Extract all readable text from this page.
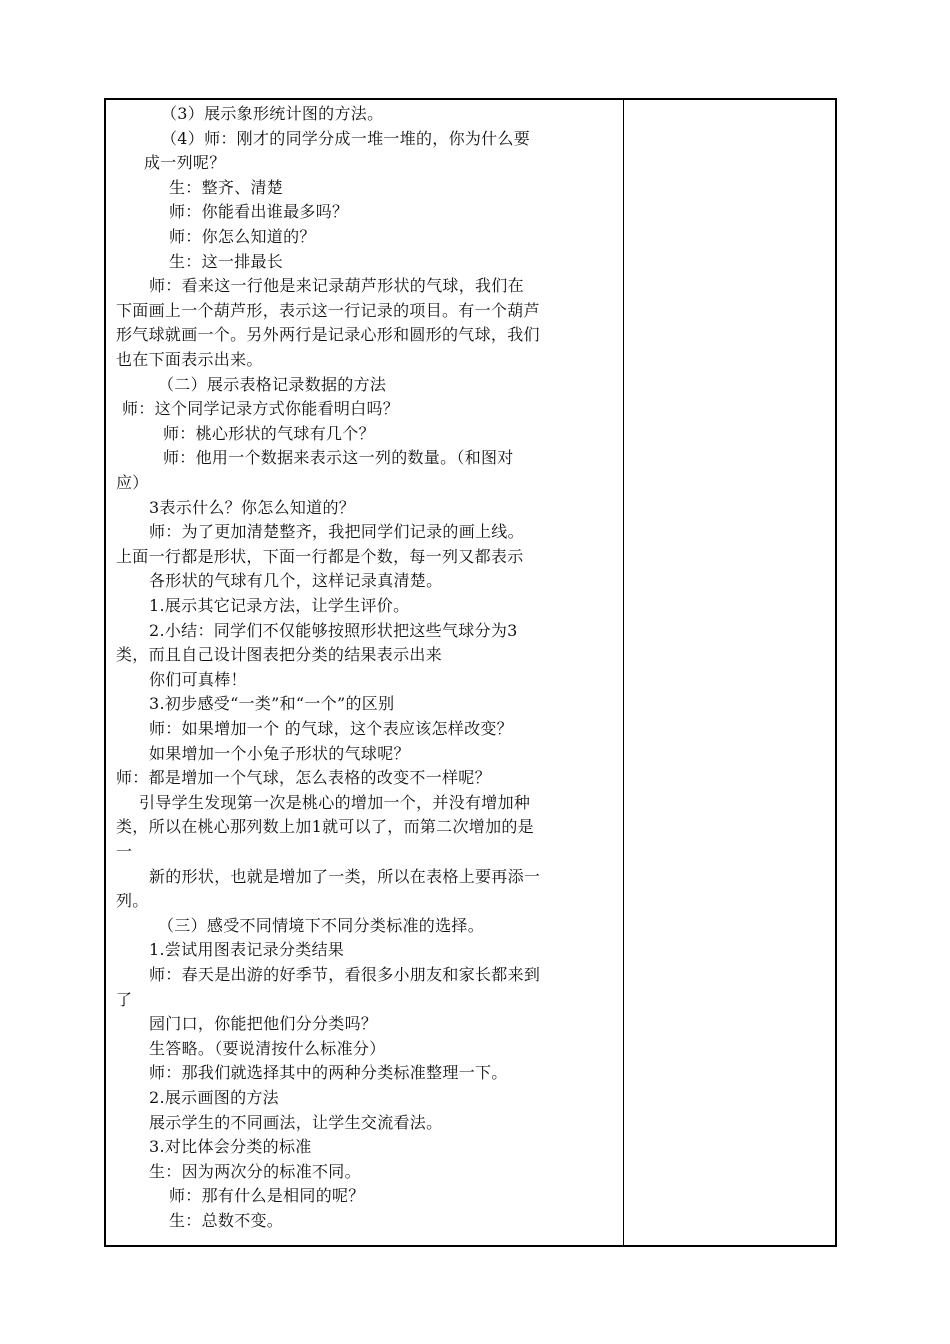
（3）展示象形统计图的方法。
（4）师：刚才的同学分成一堆一堆的，你为什么要
成一列呢？
生：整齐、清楚
师：你能看出谁最多吗？
师：你怎么知道的？
生：这一排最长
师：看来这一行他是来记录葫芦形状的气球，我们在
下面画上一个葫芦形，表示这一行记录的项目。有一个葫芦
形气球就画一个。另外两行是记录心形和圆形的气球，我们
也在下面表示出来。
（二）展示表格记录数据的方法
师：这个同学记录方式你能看明白吗？
师：桃心形状的气球有几个？
师：他用一个数据来表示这一列的数量。（和图对
应）
3表示什么？你怎么知道的？
师：为了更加清楚整齐，我把同学们记录的画上线。
上面一行都是形状，下面一行都是个数，每一列又都表示
各形状的气球有几个，这样记录真清楚。
1.展示其它记录方法，让学生评价。
2.小结：同学们不仅能够按照形状把这些气球分为3
类，而且自己设计图表把分类的结果表示出来
你们可真棒！
3.初步感受“一类”和“一个”的区别
师：如果增加一个 的气球，这个表应该怎样改变？
如果增加一个小兔子形状的气球呢？
师：都是增加一个气球，怎么表格的改变不一样呢？
引导学生发现第一次是桃心的增加一个，并没有增加种
类，所以在桃心那列数上加1就可以了，而第二次增加的是
一
新的形状，也就是增加了一类，所以在表格上要再添一
列。
（三）感受不同情境下不同分类标准的选择。
1.尝试用图表记录分类结果
师：春天是出游的好季节，看很多小朋友和家长都来到
了
园门口，你能把他们分分类吗？
生答略。（要说清按什么标准分）
师：那我们就选择其中的两种分类标准整理一下。
2.展示画图的方法
展示学生的不同画法，让学生交流看法。
3.对比体会分类的标准
生：因为两次分的标准不同。
师：那有什么是相同的呢？
生：总数不变。
